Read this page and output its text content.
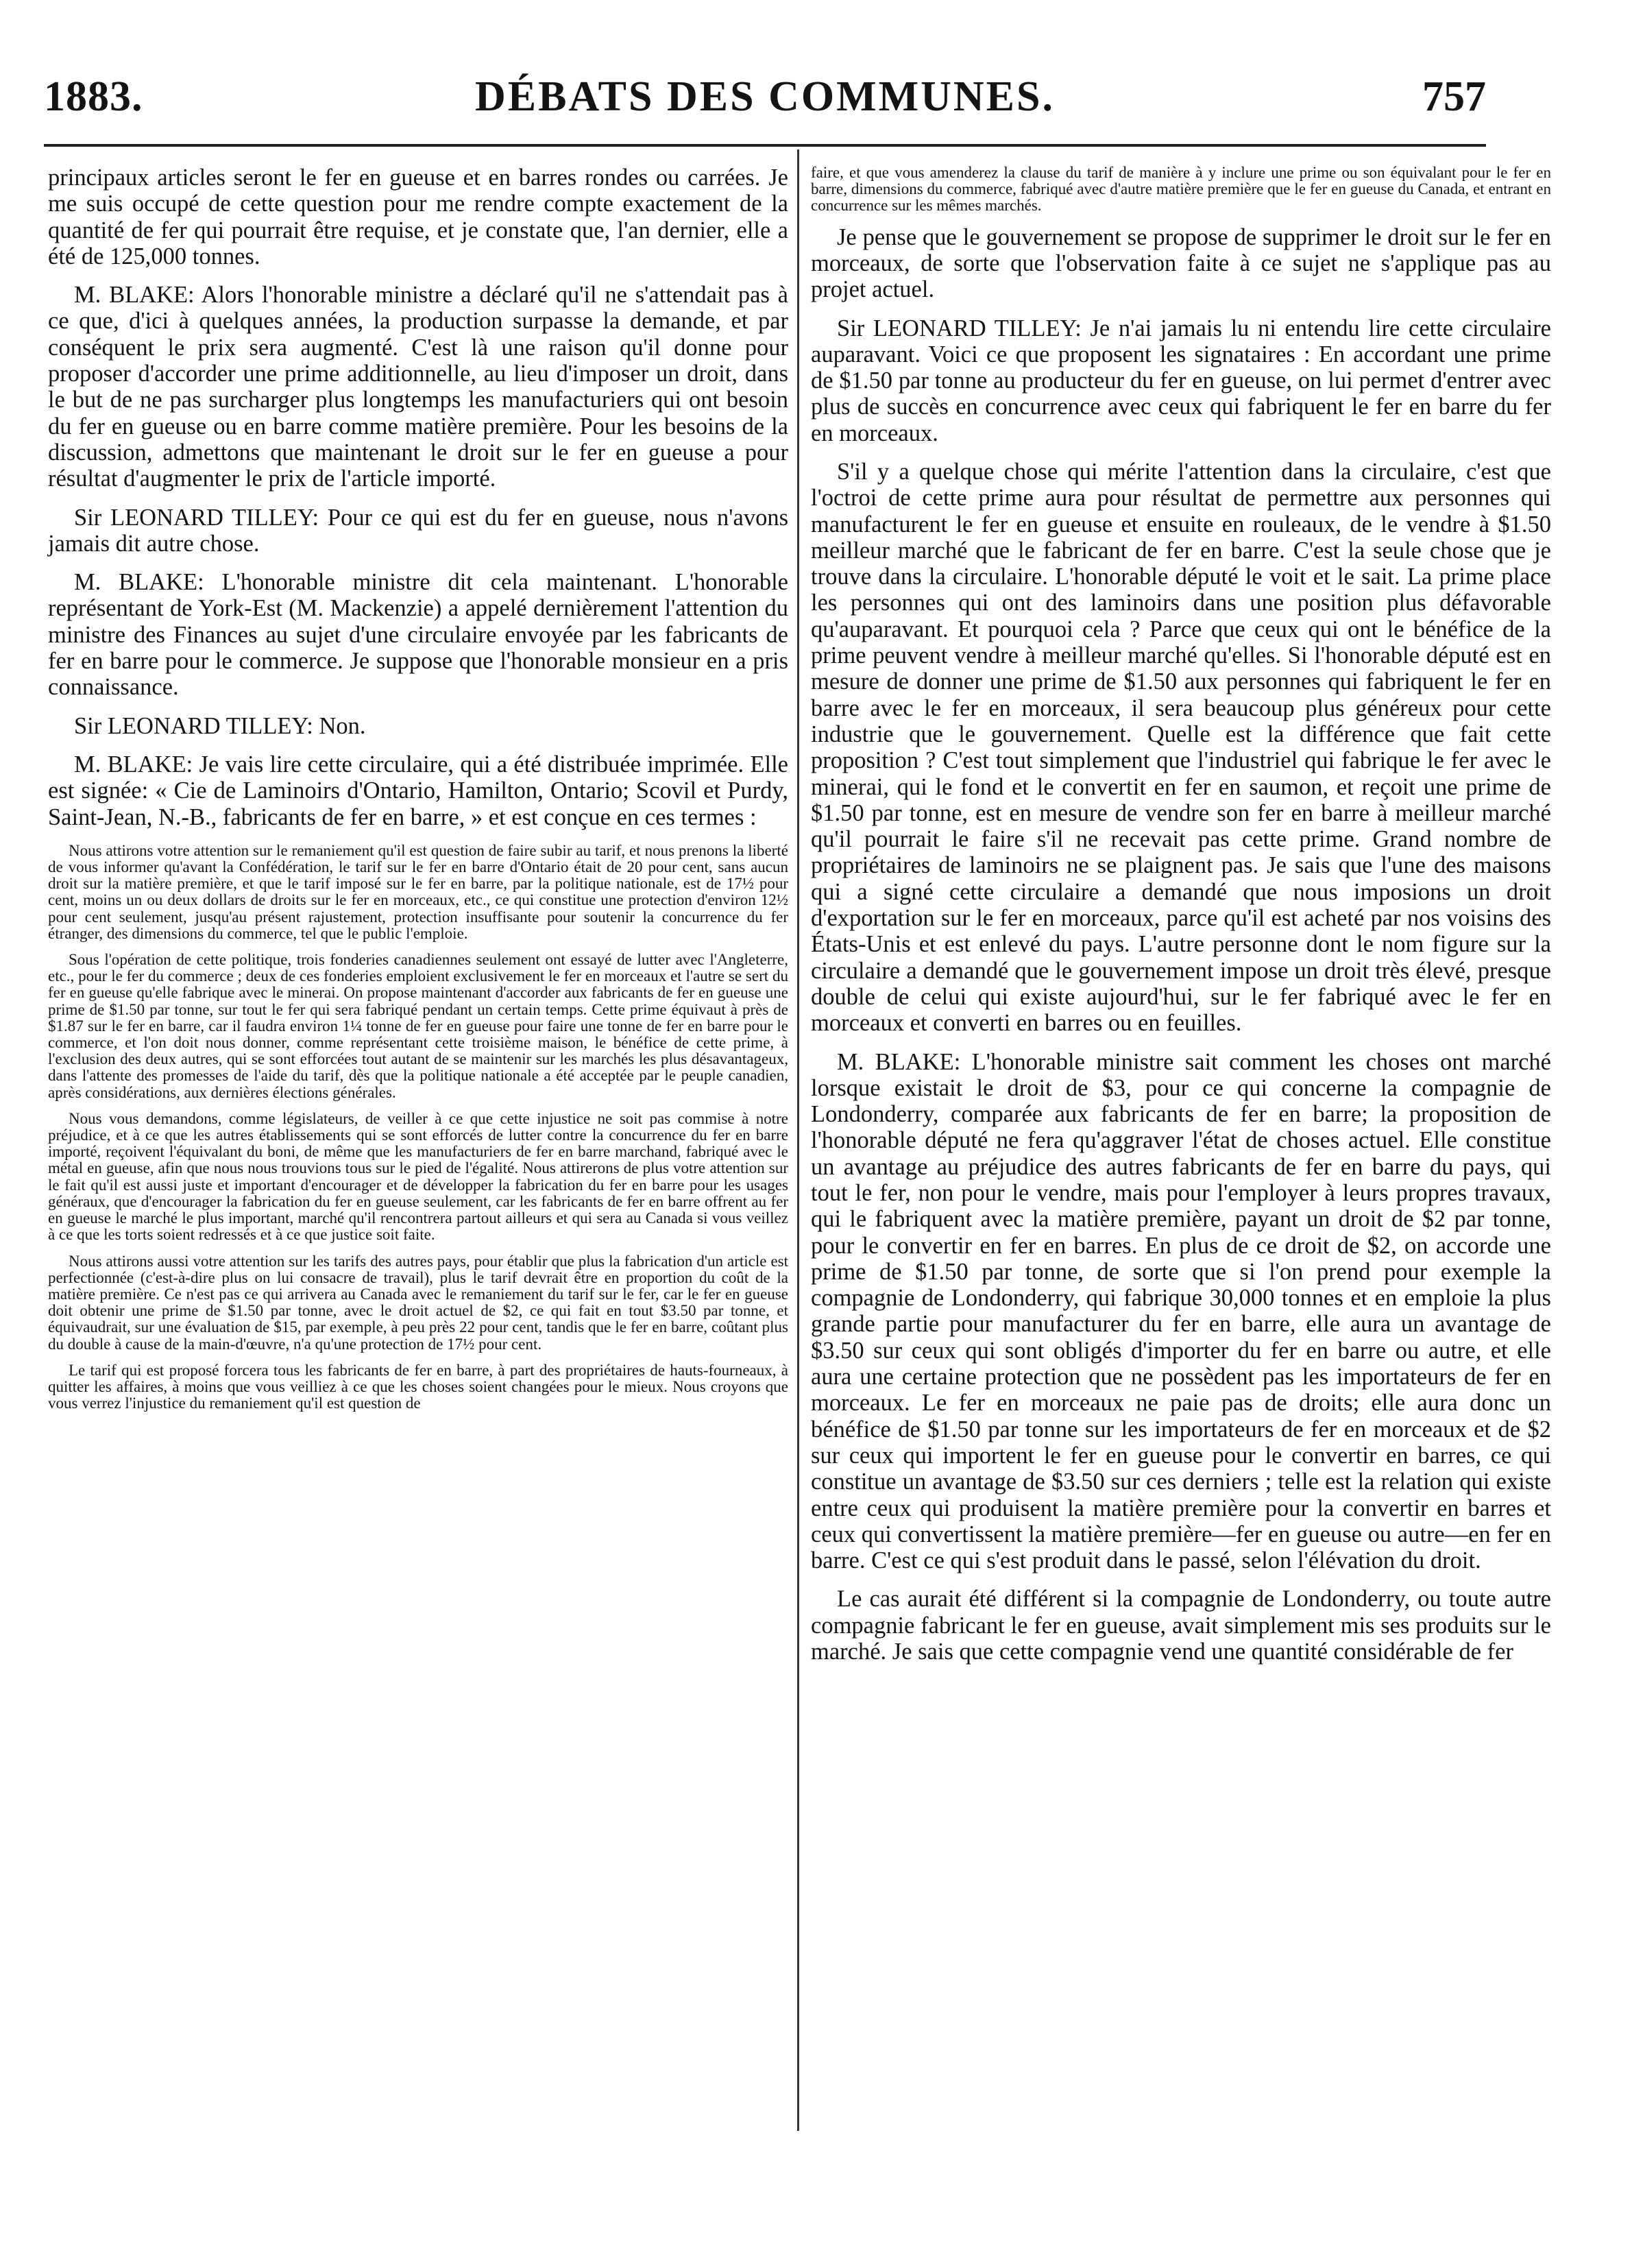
1883.	DÉBATS DES COMMUNES.	757

principaux articles seront le fer en gueuse et en barres rondes ou carrées. Je me suis occupé de cette question pour me rendre compte exactement de la quantité de fer qui pourrait être requise, et je constate que, l'an dernier, elle a été de 125,000 tonnes.

M. BLAKE: Alors l'honorable ministre a déclaré qu'il ne s'attendait pas à ce que, d'ici à quelques années, la production surpasse la demande, et par conséquent le prix sera augmenté. C'est là une raison qu'il donne pour proposer d'accorder une prime additionnelle, au lieu d'imposer un droit, dans le but de ne pas surcharger plus longtemps les manufacturiers qui ont besoin du fer en gueuse ou en barre comme matière première. Pour les besoins de la discussion, admettons que maintenant le droit sur le fer en gueuse a pour résultat d'augmenter le prix de l'article importé.

Sir LEONARD TILLEY: Pour ce qui est du fer en gueuse, nous n'avons jamais dit autre chose.

M. BLAKE: L'honorable ministre dit cela maintenant. L'honorable représentant de York-Est (M. Mackenzie) a appelé dernièrement l'attention du ministre des Finances au sujet d'une circulaire envoyée par les fabricants de fer en barre pour le commerce. Je suppose que l'honorable monsieur en a pris connaissance.

Sir LEONARD TILLEY: Non.

M. BLAKE: Je vais lire cette circulaire, qui a été distribuée imprimée. Elle est signée: « Cie de Laminoirs d'Ontario, Hamilton, Ontario; Scovil et Purdy, Saint-Jean, N.-B., fabricants de fer en barre, » et est conçue en ces termes :

Nous attirons votre attention sur le remaniement qu'il est question de faire subir au tarif, et nous prenons la liberté de vous informer qu'avant la Confédération, le tarif sur le fer en barre d'Ontario était de 20 pour cent, sans aucun droit sur la matière première, et que le tarif imposé sur le fer en barre, par la politique nationale, est de 17½ pour cent, moins un ou deux dollars de droits sur le fer en morceaux, etc., ce qui constitue une protection d'environ 12½ pour cent seulement, jusqu'au présent rajustement, protection insuffisante pour soutenir la concurrence du fer étranger, des dimensions du commerce, tel que le public l'emploie.

Sous l'opération de cette politique, trois fonderies canadiennes seulement ont essayé de lutter avec l'Angleterre, etc., pour le fer du commerce ; deux de ces fonderies emploient exclusivement le fer en morceaux et l'autre se sert du fer en gueuse qu'elle fabrique avec le minerai. On propose maintenant d'accorder aux fabricants de fer en gueuse une prime de $1.50 par tonne, sur tout le fer qui sera fabriqué pendant un certain temps. Cette prime équivaut à près de $1.87 sur le fer en barre, car il faudra environ 1¼ tonne de fer en gueuse pour faire une tonne de fer en barre pour le commerce, et l'on doit nous donner, comme représentant cette troisième maison, le bénéfice de cette prime, à l'exclusion des deux autres, qui se sont efforcées tout autant de se maintenir sur les marchés les plus désavantageux, dans l'attente des promesses de l'aide du tarif, dès que la politique nationale a été acceptée par le peuple canadien, après considérations, aux dernières élections générales.

Nous vous demandons, comme législateurs, de veiller à ce que cette injustice ne soit pas commise à notre préjudice, et à ce que les autres établissements qui se sont efforcés de lutter contre la concurrence du fer en barre importé, reçoivent l'équivalant du boni, de même que les manufacturiers de fer en barre marchand, fabriqué avec le métal en gueuse, afin que nous nous trouvions tous sur le pied de l'égalité. Nous attirerons de plus votre attention sur le fait qu'il est aussi juste et important d'encourager et de développer la fabrication du fer en barre pour les usages généraux, que d'encourager la fabrication du fer en gueuse seulement, car les fabricants de fer en barre offrent au fer en gueuse le marché le plus important, marché qu'il rencontrera partout ailleurs et qui sera au Canada si vous veillez à ce que les torts soient redressés et à ce que justice soit faite.

Nous attirons aussi votre attention sur les tarifs des autres pays, pour établir que plus la fabrication d'un article est perfectionnée (c'est-à-dire plus on lui consacre de travail), plus le tarif devrait être en proportion du coût de la matière première. Ce n'est pas ce qui arrivera au Canada avec le remaniement du tarif sur le fer, car le fer en gueuse doit obtenir une prime de $1.50 par tonne, avec le droit actuel de $2, ce qui fait en tout $3.50 par tonne, et équivaudrait, sur une évaluation de $15, par exemple, à peu près 22 pour cent, tandis que le fer en barre, coûtant plus du double à cause de la main-d'œuvre, n'a qu'une protection de 17½ pour cent.

Le tarif qui est proposé forcera tous les fabricants de fer en barre, à part des propriétaires de hauts-fourneaux, à quitter les affaires, à moins que vous veilliez à ce que les choses soient changées pour le mieux. Nous croyons que vous verrez l'injustice du remaniement qu'il est question de

faire, et que vous amenderez la clause du tarif de manière à y inclure une prime ou son équivalant pour le fer en barre, dimensions du commerce, fabriqué avec d'autre matière première que le fer en gueuse du Canada, et entrant en concurrence sur les mêmes marchés.

Je pense que le gouvernement se propose de supprimer le droit sur le fer en morceaux, de sorte que l'observation faite à ce sujet ne s'applique pas au projet actuel.

Sir LEONARD TILLEY: Je n'ai jamais lu ni entendu lire cette circulaire auparavant. Voici ce que proposent les signataires : En accordant une prime de $1.50 par tonne au producteur du fer en gueuse, on lui permet d'entrer avec plus de succès en concurrence avec ceux qui fabriquent le fer en barre du fer en morceaux.

S'il y a quelque chose qui mérite l'attention dans la circulaire, c'est que l'octroi de cette prime aura pour résultat de permettre aux personnes qui manufacturent le fer en gueuse et ensuite en rouleaux, de le vendre à $1.50 meilleur marché que le fabricant de fer en barre. C'est la seule chose que je trouve dans la circulaire. L'honorable député le voit et le sait. La prime place les personnes qui ont des laminoirs dans une position plus défavorable qu'auparavant. Et pourquoi cela ? Parce que ceux qui ont le bénéfice de la prime peuvent vendre à meilleur marché qu'elles. Si l'honorable député est en mesure de donner une prime de $1.50 aux personnes qui fabriquent le fer en barre avec le fer en morceaux, il sera beaucoup plus généreux pour cette industrie que le gouvernement. Quelle est la différence que fait cette proposition ? C'est tout simplement que l'industriel qui fabrique le fer avec le minerai, qui le fond et le convertit en fer en saumon, et reçoit une prime de $1.50 par tonne, est en mesure de vendre son fer en barre à meilleur marché qu'il pourrait le faire s'il ne recevait pas cette prime. Grand nombre de propriétaires de laminoirs ne se plaignent pas. Je sais que l'une des maisons qui a signé cette circulaire a demandé que nous imposions un droit d'exportation sur le fer en morceaux, parce qu'il est acheté par nos voisins des États-Unis et est enlevé du pays. L'autre personne dont le nom figure sur la circulaire a demandé que le gouvernement impose un droit très élevé, presque double de celui qui existe aujourd'hui, sur le fer fabriqué avec le fer en morceaux et converti en barres ou en feuilles.

M. BLAKE: L'honorable ministre sait comment les choses ont marché lorsque existait le droit de $3, pour ce qui concerne la compagnie de Londonderry, comparée aux fabricants de fer en barre; la proposition de l'honorable député ne fera qu'aggraver l'état de choses actuel. Elle constitue un avantage au préjudice des autres fabricants de fer en barre du pays, qui tout le fer, non pour le vendre, mais pour l'employer à leurs propres travaux, qui le fabriquent avec la matière première, payant un droit de $2 par tonne, pour le convertir en fer en barres. En plus de ce droit de $2, on accorde une prime de $1.50 par tonne, de sorte que si l'on prend pour exemple la compagnie de Londonderry, qui fabrique 30,000 tonnes et en emploie la plus grande partie pour manufacturer du fer en barre, elle aura un avantage de $3.50 sur ceux qui sont obligés d'importer du fer en barre ou autre, et elle aura une certaine protection que ne possèdent pas les importateurs de fer en morceaux. Le fer en morceaux ne paie pas de droits; elle aura donc un bénéfice de $1.50 par tonne sur les importateurs de fer en morceaux et de $2 sur ceux qui importent le fer en gueuse pour le convertir en barres, ce qui constitue un avantage de $3.50 sur ces derniers ; telle est la relation qui existe entre ceux qui produisent la matière première pour la convertir en barres et ceux qui convertissent la matière première—fer en gueuse ou autre—en fer en barre. C'est ce qui s'est produit dans le passé, selon l'élévation du droit.

Le cas aurait été différent si la compagnie de Londonderry, ou toute autre compagnie fabricant le fer en gueuse, avait simplement mis ses produits sur le marché. Je sais que cette compagnie vend une quantité considérable de fer
